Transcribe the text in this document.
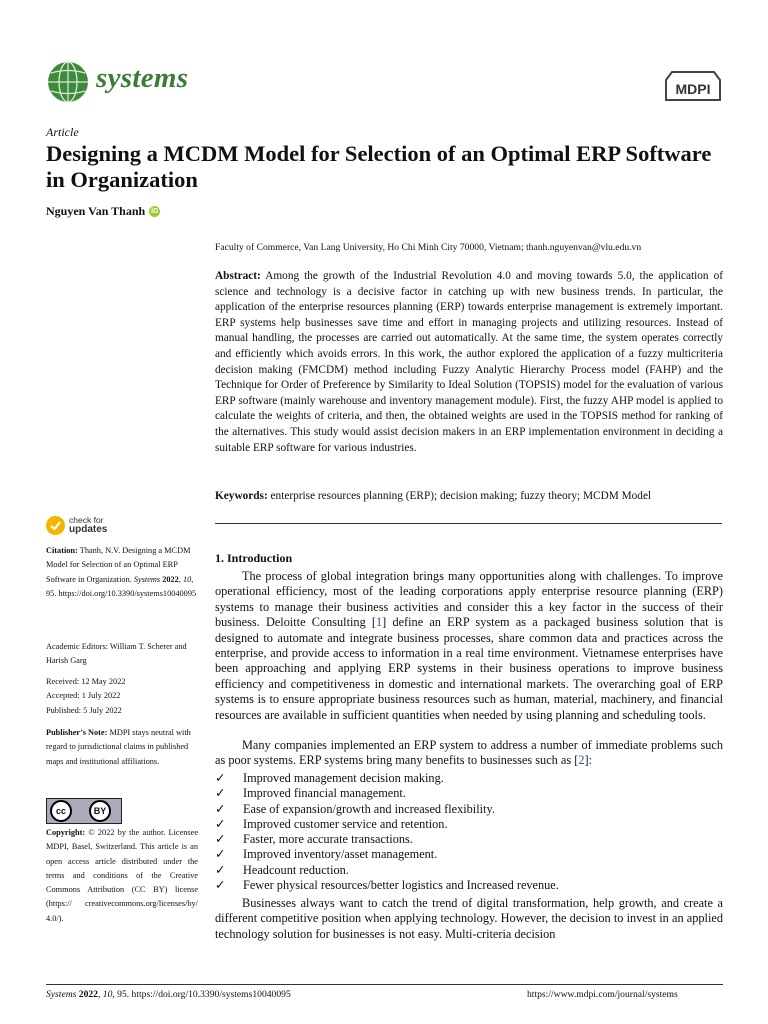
systems	MDPI
Article
Designing a MCDM Model for Selection of an Optimal ERP Software in Organization
Nguyen Van Thanh iD
Faculty of Commerce, Van Lang University, Ho Chi Minh City 70000, Vietnam; thanh.nguyenvan@vlu.edu.vn
Abstract: Among the growth of the Industrial Revolution 4.0 and moving towards 5.0, the application of science and technology is a decisive factor in catching up with new business trends. In particular, the application of the enterprise resources planning (ERP) towards enterprise management is extremely important. ERP systems help businesses save time and effort in managing projects and utilizing resources. Instead of manual handling, the processes are carried out automatically. At the same time, the system operates correctly and efficiently which avoids errors. In this work, the author explored the application of a fuzzy multicriteria decision making (FMCDM) method including Fuzzy Analytic Hierarchy Process model (FAHP) and the Technique for Order of Preference by Similarity to Ideal Solution (TOPSIS) model for the evaluation of various ERP software (mainly warehouse and inventory management module). First, the fuzzy AHP model is applied to calculate the weights of criteria, and then, the obtained weights are used in the TOPSIS method for ranking of the alternatives. This study would assist decision makers in an ERP implementation environment in deciding a suitable ERP software for various industries.
Keywords: enterprise resources planning (ERP); decision making; fuzzy theory; MCDM Model
check for
updates
Citation: Thanh, N.V. Designing a MCDM Model for Selection of an Optimal ERP Software in Organization. Systems 2022, 10, 95. https://doi.org/10.3390/systems10040095
Academic Editors: William T. Scherer and Harish Garg
Received: 12 May 2022
Accepted: 1 July 2022
Published: 5 July 2022
Publisher’s Note: MDPI stays neutral with regard to jurisdictional claims in published maps and institutional affiliations.
cc	BY
Copyright: © 2022 by the author. Licensee MDPI, Basel, Switzerland. This article is an open access article distributed under the terms and conditions of the Creative Commons Attribution (CC BY) license (https:// creativecommons.org/licenses/by/ 4.0/).
1. Introduction
The process of global integration brings many opportunities along with challenges. To improve operational efficiency, most of the leading corporations apply enterprise resource planning (ERP) systems to manage their business activities and consider this a key factor in the success of their business. Deloitte Consulting [1] define an ERP system as a packaged business solution that is designed to automate and integrate business processes, share common data and practices across the enterprise, and provide access to information in a real time environment. Vietnamese enterprises have been approaching and applying ERP systems in their business operations to improve business efficiency and competitiveness in domestic and international markets. The overarching goal of ERP systems is to ensure appropriate business resources such as human, material, machinery, and financial resources are available in sufficient quantities when needed by using planning and scheduling tools.
Many companies implemented an ERP system to address a number of immediate problems such as poor systems. ERP systems bring many benefits to businesses such as [2]:
✓	Improved management decision making.
✓	Improved financial management.
✓	Ease of expansion/growth and increased flexibility.
✓	Improved customer service and retention.
✓	Faster, more accurate transactions.
✓	Improved inventory/asset management.
✓	Headcount reduction.
✓	Fewer physical resources/better logistics and Increased revenue.
Businesses always want to catch the trend of digital transformation, help growth, and create a different competitive position when applying technology. However, the decision to invest in an applied technology solution for businesses is not easy. Multi-criteria decision
Systems 2022, 10, 95. https://doi.org/10.3390/systems10040095	https://www.mdpi.com/journal/systems
